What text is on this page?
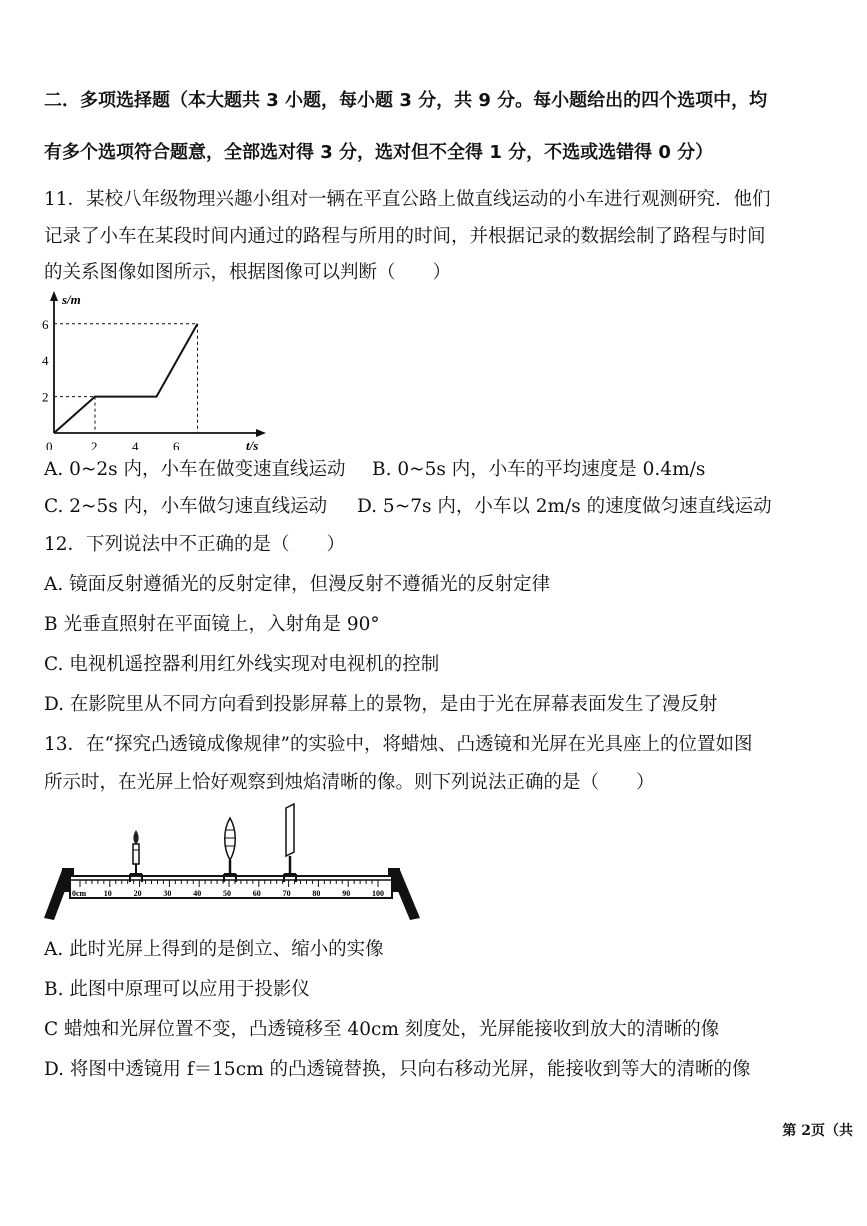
二．多项选择题（本大题共 3 小题，每小题 3 分，共 9 分。每小题给出的四个选项中，均
有多个选项符合题意，全部选对得 3 分，选对但不全得 1 分，不选或选错得 0 分）
11．某校八年级物理兴趣小组对一辆在平直公路上做直线运动的小车进行观测研究．他们
记录了小车在某段时间内通过的路程与所用的时间，并根据记录的数据绘制了路程与时间
的关系图像如图所示，根据图像可以判断（　　）
s/m
t/s
0	2	4	6
2
4
6
A. 0~2s 内，小车在做变速直线运动 B. 0~5s 内，小车的平均速度是 0.4m/s
C. 2~5s 内，小车做匀速直线运动 D. 5~7s 内，小车以 2m/s 的速度做匀速直线运动
12．下列说法中不正确的是（　　）
A. 镜面反射遵循光的反射定律，但漫反射不遵循光的反射定律
B 光垂直照射在平面镜上，入射角是 90°
C. 电视机遥控器利用红外线实现对电视机的控制
D. 在影院里从不同方向看到投影屏幕上的景物，是由于光在屏幕表面发生了漫反射
13．在“探究凸透镜成像规律”的实验中，将蜡烛、凸透镜和光屏在光具座上的位置如图
所示时，在光屏上恰好观察到烛焰清晰的像。则下列说法正确的是（　　）
0cm 10	20	30	40	50	60	70	80	90	100
A. 此时光屏上得到的是倒立、缩小的实像
B. 此图中原理可以应用于投影仪
C 蜡烛和光屏位置不变，凸透镜移至 40cm 刻度处，光屏能接收到放大的清晰的像
D. 将图中透镜用 f＝15cm 的凸透镜替换，只向右移动光屏，能接收到等大的清晰的像
第 2页（共
